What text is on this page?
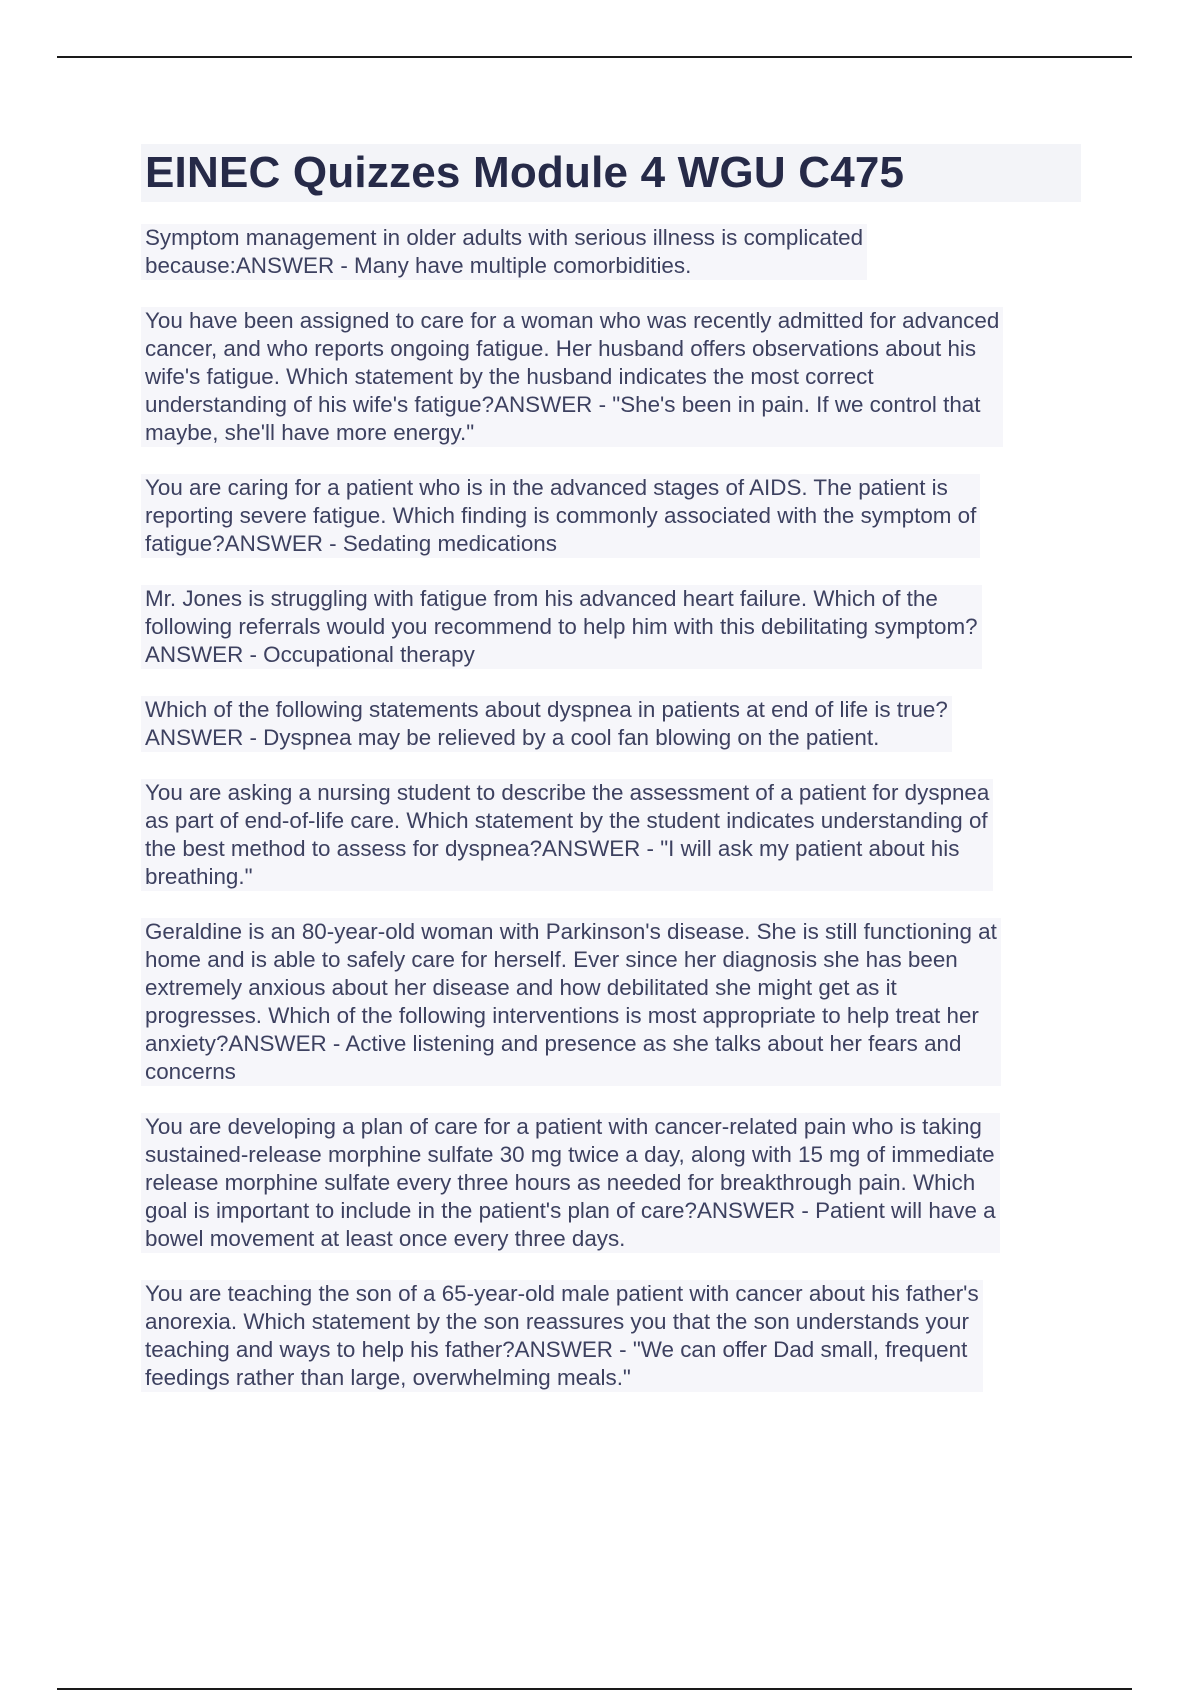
EINEC Quizzes Module 4 WGU C475
Symptom management in older adults with serious illness is complicated
because:ANSWER - Many have multiple comorbidities.
You have been assigned to care for a woman who was recently admitted for advanced
cancer, and who reports ongoing fatigue. Her husband offers observations about his
wife's fatigue. Which statement by the husband indicates the most correct
understanding of his wife's fatigue?ANSWER - "She's been in pain. If we control that
maybe, she'll have more energy."
You are caring for a patient who is in the advanced stages of AIDS. The patient is
reporting severe fatigue. Which finding is commonly associated with the symptom of
fatigue?ANSWER - Sedating medications
Mr. Jones is struggling with fatigue from his advanced heart failure. Which of the
following referrals would you recommend to help him with this debilitating symptom?
ANSWER - Occupational therapy
Which of the following statements about dyspnea in patients at end of life is true?
ANSWER - Dyspnea may be relieved by a cool fan blowing on the patient.
You are asking a nursing student to describe the assessment of a patient for dyspnea
as part of end-of-life care. Which statement by the student indicates understanding of
the best method to assess for dyspnea?ANSWER - "I will ask my patient about his
breathing."
Geraldine is an 80-year-old woman with Parkinson's disease. She is still functioning at
home and is able to safely care for herself. Ever since her diagnosis she has been
extremely anxious about her disease and how debilitated she might get as it
progresses. Which of the following interventions is most appropriate to help treat her
anxiety?ANSWER - Active listening and presence as she talks about her fears and
concerns
You are developing a plan of care for a patient with cancer-related pain who is taking
sustained-release morphine sulfate 30 mg twice a day, along with 15 mg of immediate
release morphine sulfate every three hours as needed for breakthrough pain. Which
goal is important to include in the patient's plan of care?ANSWER - Patient will have a
bowel movement at least once every three days.
You are teaching the son of a 65-year-old male patient with cancer about his father's
anorexia. Which statement by the son reassures you that the son understands your
teaching and ways to help his father?ANSWER - "We can offer Dad small, frequent
feedings rather than large, overwhelming meals."
